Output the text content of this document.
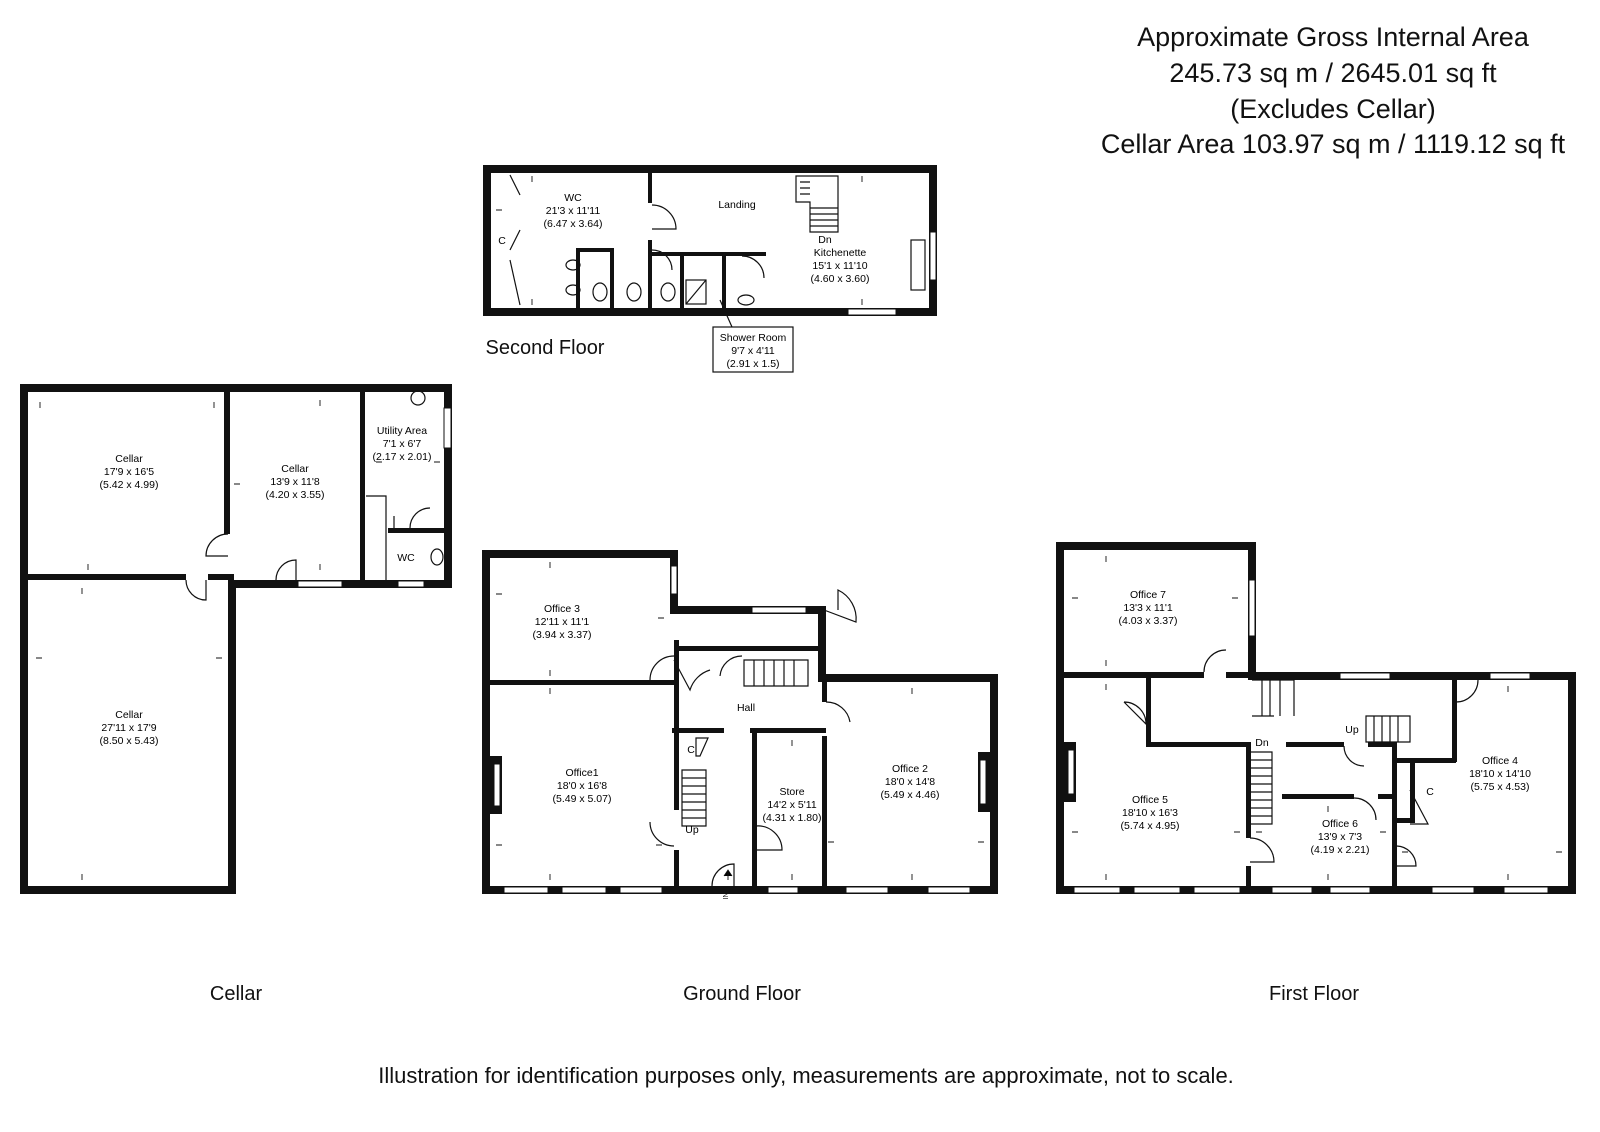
Approximate Gross Internal Area
245.73 sq m / 2645.01 sq ft
(Excludes Cellar)
Cellar Area 103.97 sq m / 1119.12 sq ft
WC
21'3 x 11'11
(6.47 x 3.64)
C
Landing
Dn
Kitchenette
15'1 x 11'10
(4.60 x 3.60)
Shower Room
9'7 x 4'11
(2.91 x 1.5)
Second Floor
Cellar
17'9 x 16'5
(5.42 x 4.99)
Cellar
13'9 x 11'8
(4.20 x 3.55)
Utility Area
7'1 x 6'7
(2.17 x 2.01)
WC
Cellar
27'11 x 17'9
(8.50 x 5.43)
Cellar
Office 3
12'11 x 11'1
(3.94 x 3.37)
Hall
Office1
18'0 x 16'8
(5.49 x 5.07)
C
Up
Store
14'2 x 5'11
(4.31 x 1.80)
Office 2
18'0 x 14'8
(5.49 x 4.46)
IN
Ground Floor
Office 7
13'3 x 11'1
(4.03 x 3.37)
Dn
Up
Office 5
18'10 x 16'3
(5.74 x 4.95)	Office 6
13'9 x 7'3
(4.19 x 2.21)
Office 4
18'10 x 14'10
(5.75 x 4.53)
C
First Floor
Illustration for identification purposes only, measurements are approximate, not to scale.
